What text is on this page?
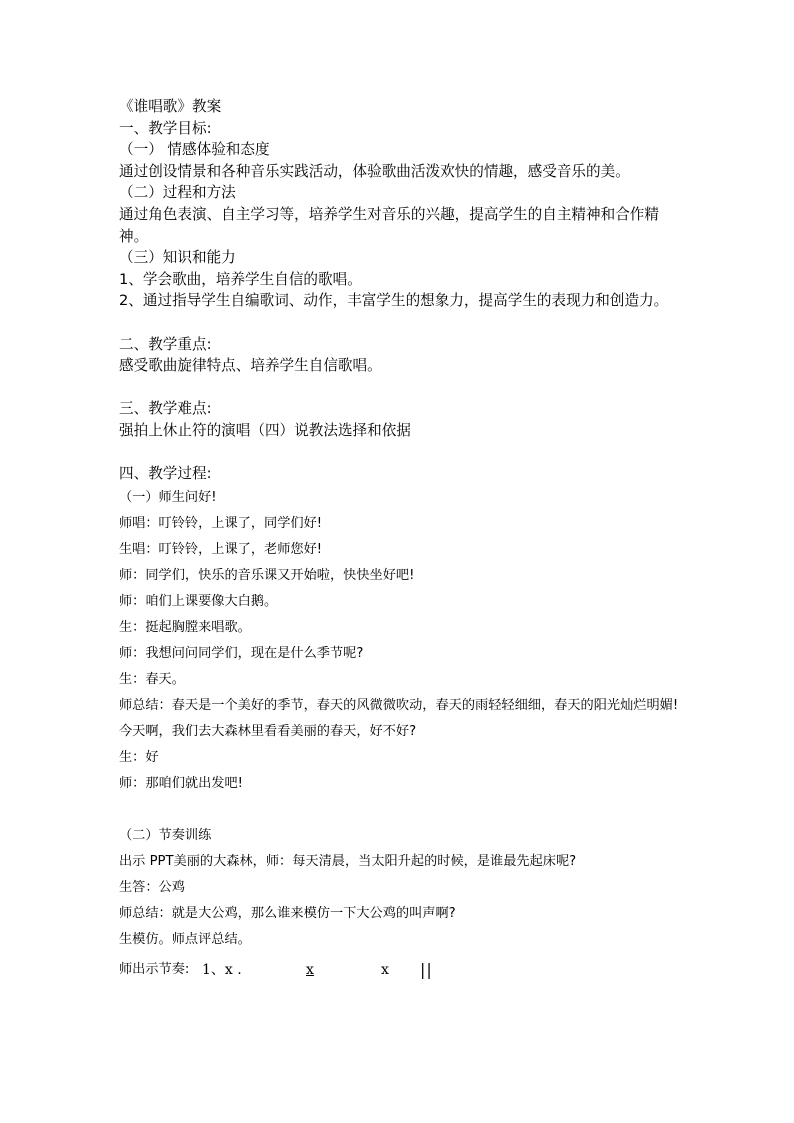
《谁唱歌》教案
一、教学目标:
（一） 情感体验和态度
通过创设情景和各种音乐实践活动，体验歌曲活泼欢快的情趣，感受音乐的美。
（二）过程和方法
通过角色表演、自主学习等，培养学生对音乐的兴趣，提高学生的自主精神和合作精神。
（三）知识和能力
1、学会歌曲，培养学生自信的歌唱。
2、通过指导学生自编歌词、动作，丰富学生的想象力，提高学生的表现力和创造力。
二、教学重点:
感受歌曲旋律特点、培养学生自信歌唱。
三、教学难点:
强拍上休止符的演唱（四）说教法选择和依据
四、教学过程:
（一）师生问好!
师唱：叮铃铃，上课了，同学们好!
生唱：叮铃铃，上课了，老师您好!
师：同学们，快乐的音乐课又开始啦，快快坐好吧!
师：咱们上课要像大白鹅。
生：挺起胸膛来唱歌。
师：我想问问同学们，现在是什么季节呢?
生：春天。
师总结：春天是一个美好的季节，春天的风微微吹动，春天的雨轻轻细细，春天的阳光灿烂明媚! 今天啊，我们去大森林里看看美丽的春天，好不好?
生：好
师：那咱们就出发吧!
（二）节奏训练
出示 PPT美丽的大森林，师：每天清晨，当太阳升起的时候，是谁最先起床呢?
生答：公鸡
师总结：就是大公鸡，那么谁来模仿一下大公鸡的叫声啊?
生模仿。师点评总结。
师出示节奏: 1、x .	x	x ||
